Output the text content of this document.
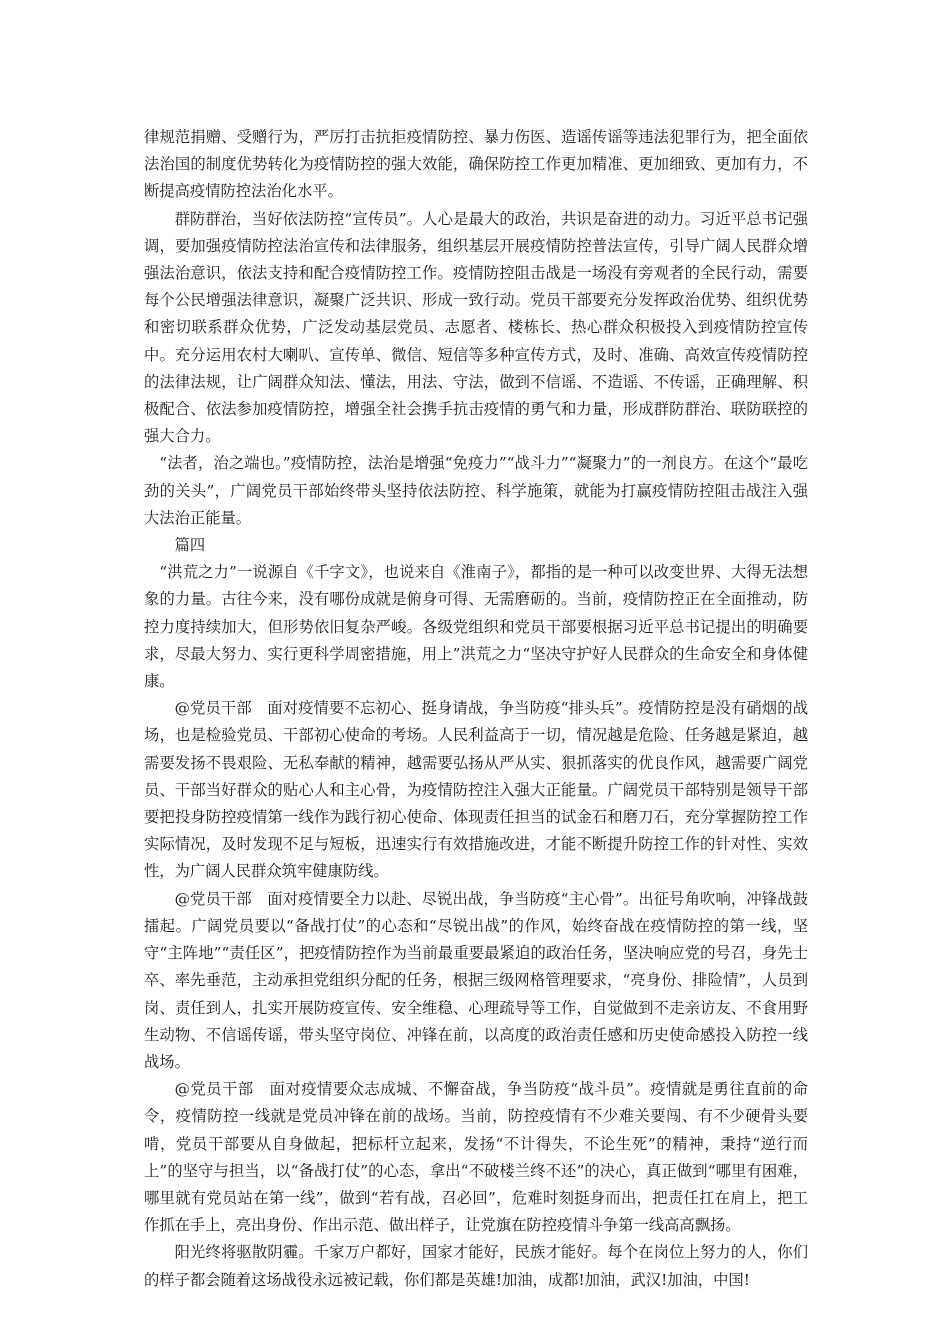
律规范捐赠、受赠行为，严厉打击抗拒疫情防控、暴力伤医、造谣传谣等违法犯罪行为，把全面依法治国的制度优势转化为疫情防控的强大效能，确保防控工作更加精准、更加细致、更加有力，不断提高疫情防控法治化水平。

群防群治，当好依法防控“宣传员”。人心是最大的政治，共识是奋进的动力。习近平总书记强调，要加强疫情防控法治宣传和法律服务，组织基层开展疫情防控普法宣传，引导广阔人民群众增强法治意识，依法支持和配合疫情防控工作。疫情防控阻击战是一场没有旁观者的全民行动，需要每个公民增强法律意识，凝聚广泛共识、形成一致行动。党员干部要充分发挥政治优势、组织优势和密切联系群众优势，广泛发动基层党员、志愿者、楼栋长、热心群众积极投入到疫情防控宣传中。充分运用农村大喇叭、宣传单、微信、短信等多种宣传方式，及时、准确、高效宣传疫情防控的法律法规，让广阔群众知法、懂法，用法、守法，做到不信谣、不造谣、不传谣，正确理解、积极配合、依法参加疫情防控，增强全社会携手抗击疫情的勇气和力量，形成群防群治、联防联控的强大合力。

“法者，治之端也。”疫情防控，法治是增强“免疫力”“战斗力”“凝聚力”的一剂良方。在这个“最吃劲的关头”，广阔党员干部始终带头坚持依法防控、科学施策，就能为打赢疫情防控阻击战注入强大法治正能量。

篇四

“洪荒之力”一说源自《千字文》，也说来自《淮南子》，都指的是一种可以改变世界、大得无法想象的力量。古往今来，没有哪份成就是俯身可得、无需磨砺的。当前，疫情防控正在全面推动，防控力度持续加大，但形势依旧复杂严峻。各级党组织和党员干部要根据习近平总书记提出的明确要求，尽最大努力、实行更科学周密措施，用上”洪荒之力“坚决守护好人民群众的生命安全和身体健康。

@党员干部　面对疫情要不忘初心、挺身请战，争当防疫“排头兵”。疫情防控是没有硝烟的战场，也是检验党员、干部初心使命的考场。人民利益高于一切，情况越是危险、任务越是紧迫，越需要发扬不畏艰险、无私奉献的精神，越需要弘扬从严从实、狠抓落实的优良作风，越需要广阔党员、干部当好群众的贴心人和主心骨，为疫情防控注入强大正能量。广阔党员干部特别是领导干部要把投身防控疫情第一线作为践行初心使命、体现责任担当的试金石和磨刀石，充分掌握防控工作实际情况，及时发现不足与短板，迅速实行有效措施改进，才能不断提升防控工作的针对性、实效性，为广阔人民群众筑牢健康防线。

@党员干部　面对疫情要全力以赴、尽锐出战，争当防疫“主心骨”。出征号角吹响，冲锋战鼓擂起。广阔党员要以“备战打仗”的心态和“尽锐出战”的作风，始终奋战在疫情防控的第一线，坚守“主阵地”“责任区”，把疫情防控作为当前最重要最紧迫的政治任务，坚决响应党的号召，身先士卒、率先垂范，主动承担党组织分配的任务，根据三级网格管理要求，“亮身份、排险情”，人员到岗、责任到人，扎实开展防疫宣传、安全维稳、心理疏导等工作，自觉做到不走亲访友、不食用野生动物、不信谣传谣，带头坚守岗位、冲锋在前，以高度的政治责任感和历史使命感投入防控一线战场。

@党员干部　面对疫情要众志成城、不懈奋战，争当防疫“战斗员”。疫情就是勇往直前的命令，疫情防控一线就是党员冲锋在前的战场。当前，防控疫情有不少难关要闯、有不少硬骨头要啃，党员干部要从自身做起，把标杆立起来，发扬“不计得失，不论生死”的精神，秉持“逆行而上”的坚守与担当，以“备战打仗”的心态，拿出“不破楼兰终不还”的决心，真正做到“哪里有困难，哪里就有党员站在第一线”，做到“若有战，召必回”，危难时刻挺身而出，把责任扛在肩上，把工作抓在手上，亮出身份、作出示范、做出样子，让党旗在防控疫情斗争第一线高高飘扬。

阳光终将驱散阴霾。千家万户都好，国家才能好，民族才能好。每个在岗位上努力的人，你们的样子都会随着这场战役永远被记载，你们都是英雄!加油，成都!加油，武汉!加油，中国!
